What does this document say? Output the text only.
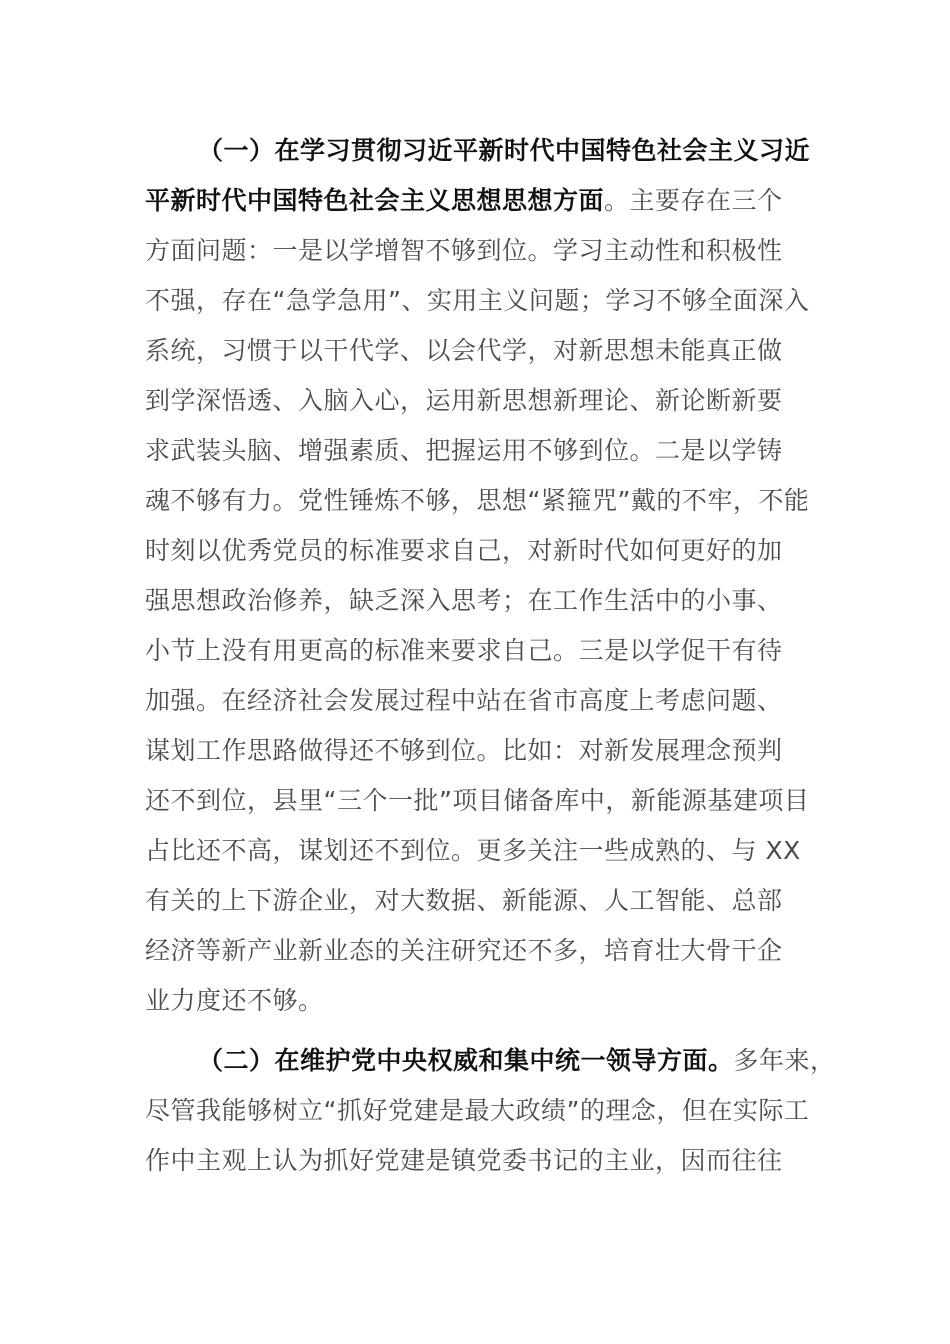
（一）在学习贯彻习近平新时代中国特色社会主义习近
平新时代中国特色社会主义思想思想方面。主要存在三个
方面问题：一是以学增智不够到位。学习主动性和积极性
不强，存在“急学急用”、实用主义问题；学习不够全面深入
系统，习惯于以干代学、以会代学，对新思想未能真正做
到学深悟透、入脑入心，运用新思想新理论、新论断新要
求武装头脑、增强素质、把握运用不够到位。二是以学铸
魂不够有力。党性锤炼不够，思想“紧箍咒”戴的不牢，不能
时刻以优秀党员的标准要求自己，对新时代如何更好的加
强思想政治修养，缺乏深入思考；在工作生活中的小事、
小节上没有用更高的标准来要求自己。三是以学促干有待
加强。在经济社会发展过程中站在省市高度上考虑问题、
谋划工作思路做得还不够到位。比如：对新发展理念预判
还不到位，县里“三个一批”项目储备库中，新能源基建项目
占比还不高，谋划还不到位。更多关注一些成熟的、与 XX
有关的上下游企业，对大数据、新能源、人工智能、总部
经济等新产业新业态的关注研究还不多，培育壮大骨干企
业力度还不够。
（二）在维护党中央权威和集中统一领导方面。多年来，
尽管我能够树立“抓好党建是最大政绩”的理念，但在实际工
作中主观上认为抓好党建是镇党委书记的主业，因而往往
